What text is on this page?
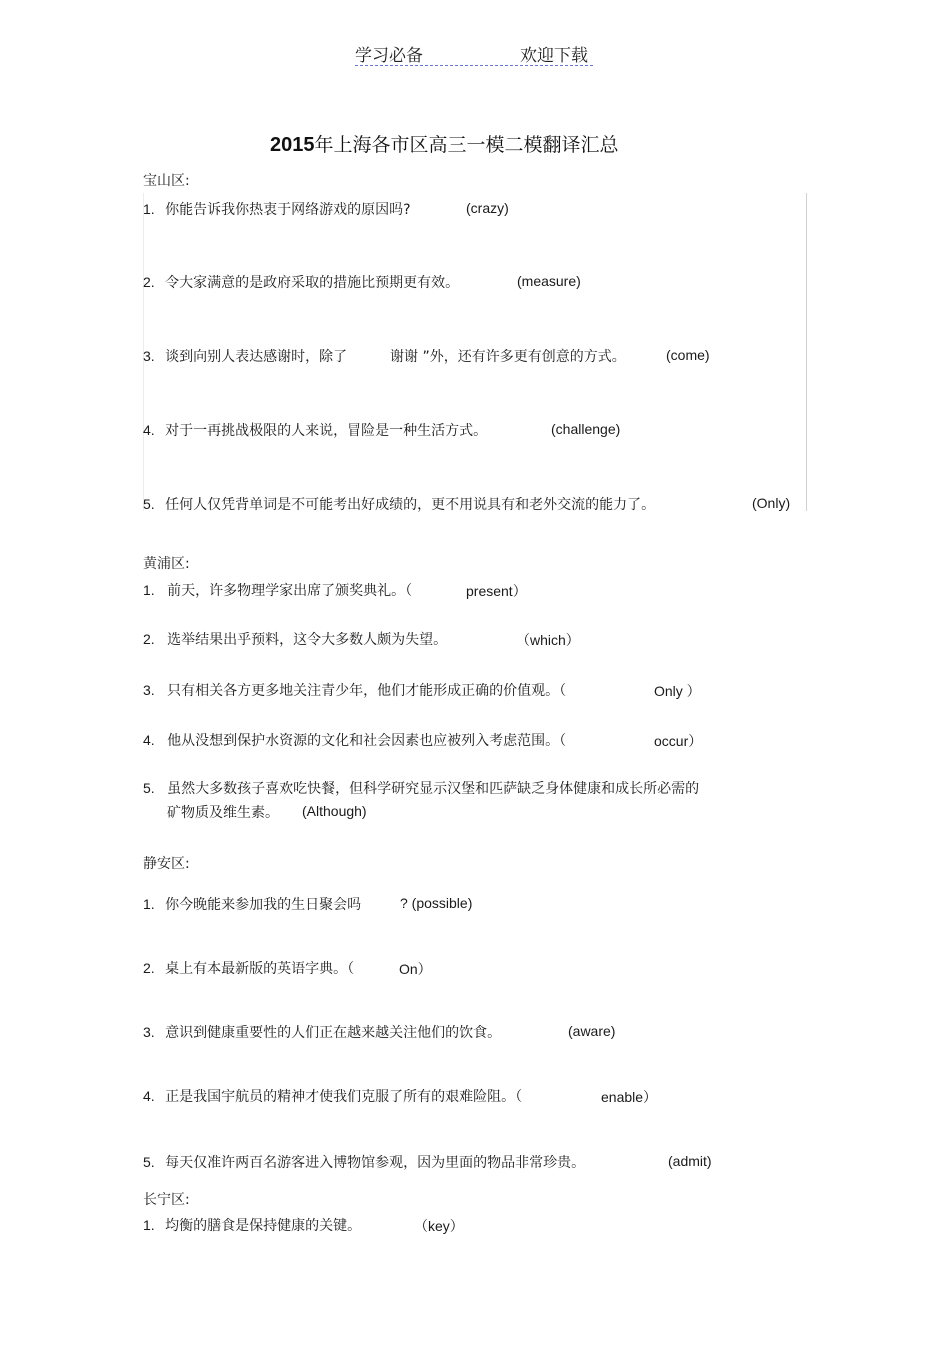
学习必备	欢迎下载
2015年上海各市区高三一模二模翻译汇总
宝山区:
1. 你能告诉我你热衷于网络游戏的原因吗?	(crazy)
2. 令大家满意的是政府采取的措施比预期更有效。	(measure)
3. 谈到向别人表达感谢时，除了	谢谢 ”外，还有许多更有创意的方式。	(come)
4. 对于一再挑战极限的人来说，冒险是一种生活方式。	(challenge)
5. 任何人仅凭背单词是不可能考出好成绩的，更不用说具有和老外交流的能力了。	(Only)
黄浦区:
1. 前天，许多物理学家出席了颁奖典礼。（	present）
2. 选举结果出乎预料，这令大多数人颇为失望。	（which）
3. 只有相关各方更多地关注青少年，他们才能形成正确的价值观。（	Only ）
4. 他从没想到保护水资源的文化和社会因素也应被列入考虑范围。（	occur）
5. 虽然大多数孩子喜欢吃快餐，但科学研究显示汉堡和匹萨缺乏身体健康和成长所必需的
矿物质及维生素。 (Although)
静安区:
1. 你今晚能来参加我的生日聚会吗	? (possible)
2. 桌上有本最新版的英语字典。（	On）
3. 意识到健康重要性的人们正在越来越关注他们的饮食。	(aware)
4. 正是我国宇航员的精神才使我们克服了所有的艰难险阻。（	enable）
5. 每天仅准许两百名游客进入博物馆参观，因为里面的物品非常珍贵。	(admit)
长宁区:
1. 均衡的膳食是保持健康的关键。	（key）
